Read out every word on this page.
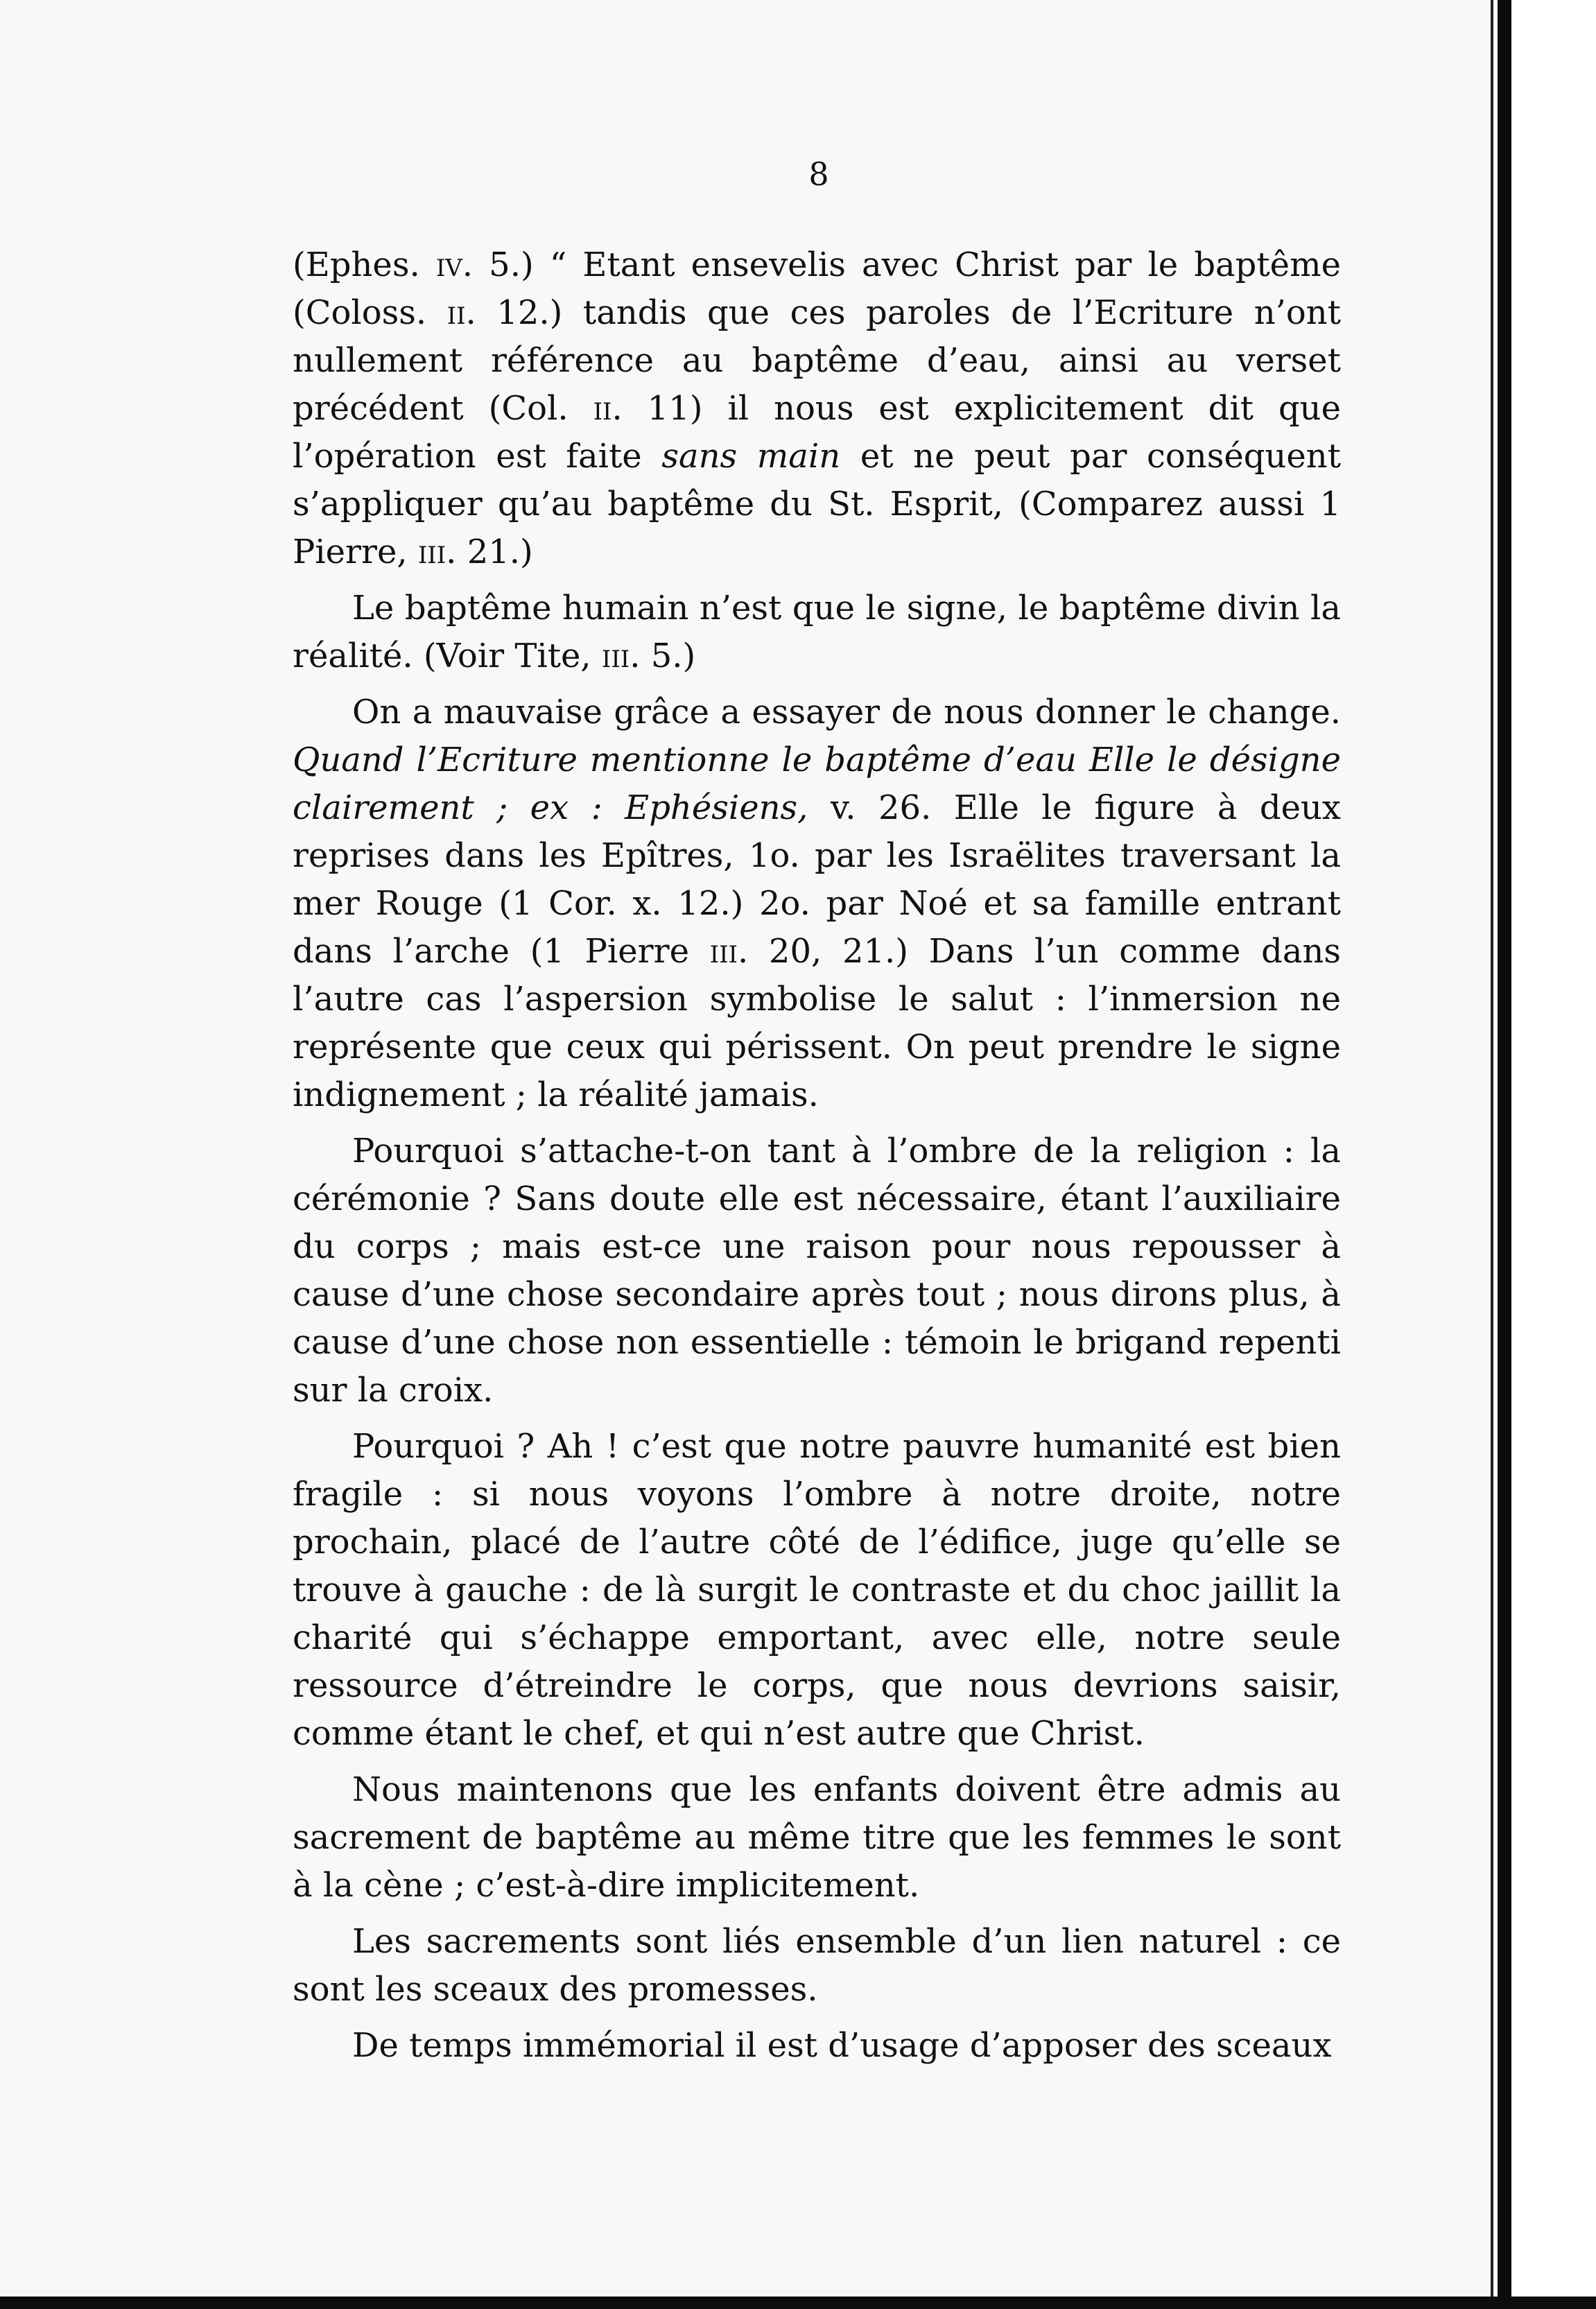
8

(Ephes. iv. 5.) “ Etant ensevelis avec Christ par le baptême (Coloss. ii. 12.) tandis que ces paroles de l’Ecriture n’ont nullement référence au baptême d’eau, ainsi au verset précédent (Col. ii. 11) il nous est explicitement dit que l’opération est faite sans main et ne peut par conséquent s’appliquer qu’au baptême du St. Esprit, (Comparez aussi 1 Pierre, iii. 21.)

Le baptême humain n’est que le signe, le baptême divin la réalité. (Voir Tite, iii. 5.)

On a mauvaise grâce a essayer de nous donner le change. Quand l’Ecriture mentionne le baptême d’eau Elle le désigne clairement ; ex : Ephésiens, v. 26. Elle le figure à deux reprises dans les Epîtres, 1o. par les Israëlites traversant la mer Rouge (1 Cor. x. 12.) 2o. par Noé et sa famille entrant dans l’arche (1 Pierre iii. 20, 21.) Dans l’un comme dans l’autre cas l’aspersion symbolise le salut : l’inmersion ne représente que ceux qui périssent. On peut prendre le signe indignement ; la réalité jamais.

Pourquoi s’attache-t-on tant à l’ombre de la religion : la cérémonie ? Sans doute elle est nécessaire, étant l’auxiliaire du corps ; mais est-ce une raison pour nous repousser à cause d’une chose secondaire après tout ; nous dirons plus, à cause d’une chose non essentielle : témoin le brigand repenti sur la croix.

Pourquoi ? Ah ! c’est que notre pauvre humanité est bien fragile : si nous voyons l’ombre à notre droite, notre prochain, placé de l’autre côté de l’édifice, juge qu’elle se trouve à gauche : de là surgit le contraste et du choc jaillit la charité qui s’échappe emportant, avec elle, notre seule ressource d’étreindre le corps, que nous devrions saisir, comme étant le chef, et qui n’est autre que Christ.

Nous maintenons que les enfants doivent être admis au sacrement de baptême au même titre que les femmes le sont à la cène ; c’est-à-dire implicitement.

Les sacrements sont liés ensemble d’un lien naturel : ce sont les sceaux des promesses.

De temps immémorial il est d’usage d’apposer des sceaux
